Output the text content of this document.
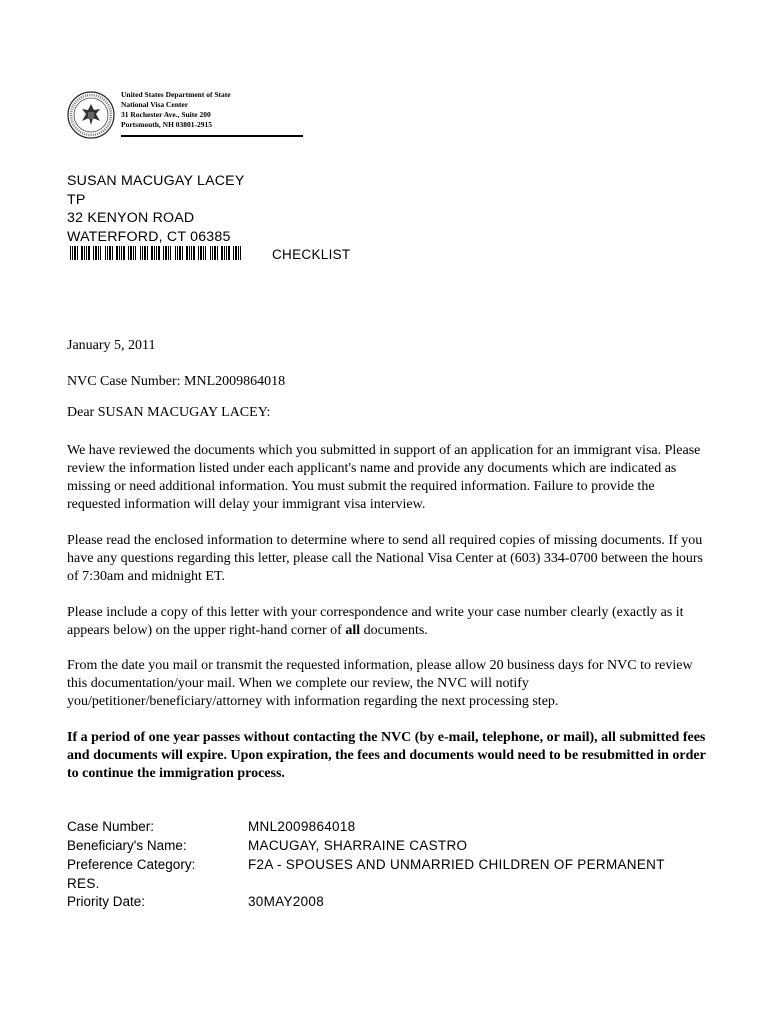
United States Department of State
National Visa Center
31 Rochester Ave., Suite 200
Portsmouth, NH 03801-2915
SUSAN MACUGAY LACEY
TP
32 KENYON ROAD
WATERFORD, CT 06385
CHECKLIST
January 5, 2011
NVC Case Number: MNL2009864018
Dear SUSAN MACUGAY LACEY:
We have reviewed the documents which you submitted in support of an application for an immigrant visa. Please review the information listed under each applicant's name and provide any documents which are indicated as missing or need additional information. You must submit the required information. Failure to provide the requested information will delay your immigrant visa interview.
Please read the enclosed information to determine where to send all required copies of missing documents. If you have any questions regarding this letter, please call the National Visa Center at (603) 334-0700 between the hours of 7:30am and midnight ET.
Please include a copy of this letter with your correspondence and write your case number clearly (exactly as it appears below) on the upper right-hand corner of all documents.
From the date you mail or transmit the requested information, please allow 20 business days for NVC to review this documentation/your mail. When we complete our review, the NVC will notify you/petitioner/beneficiary/attorney with information regarding the next processing step.
If a period of one year passes without contacting the NVC (by e-mail, telephone, or mail), all submitted fees and documents will expire. Upon expiration, the fees and documents would need to be resubmitted in order to continue the immigration process.
Case Number:	MNL2009864018
Beneficiary's Name:	MACUGAY, SHARRAINE CASTRO
Preference Category:	F2A - SPOUSES AND UNMARRIED CHILDREN OF PERMANENT
RES.
Priority Date:	30MAY2008
